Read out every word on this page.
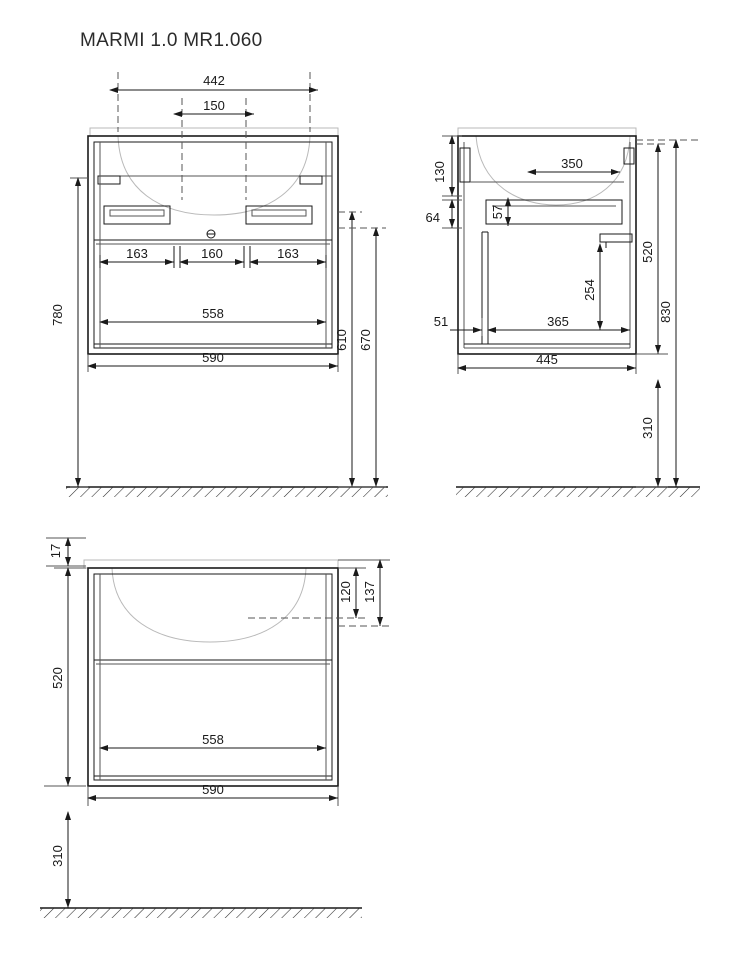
MARMI 1.0 MR1.060
442
150
163	160	163
558
590
780
610 670
130
64	57
350
51	365
445
254
520
830
310
17
120 137
520
558
590
310
